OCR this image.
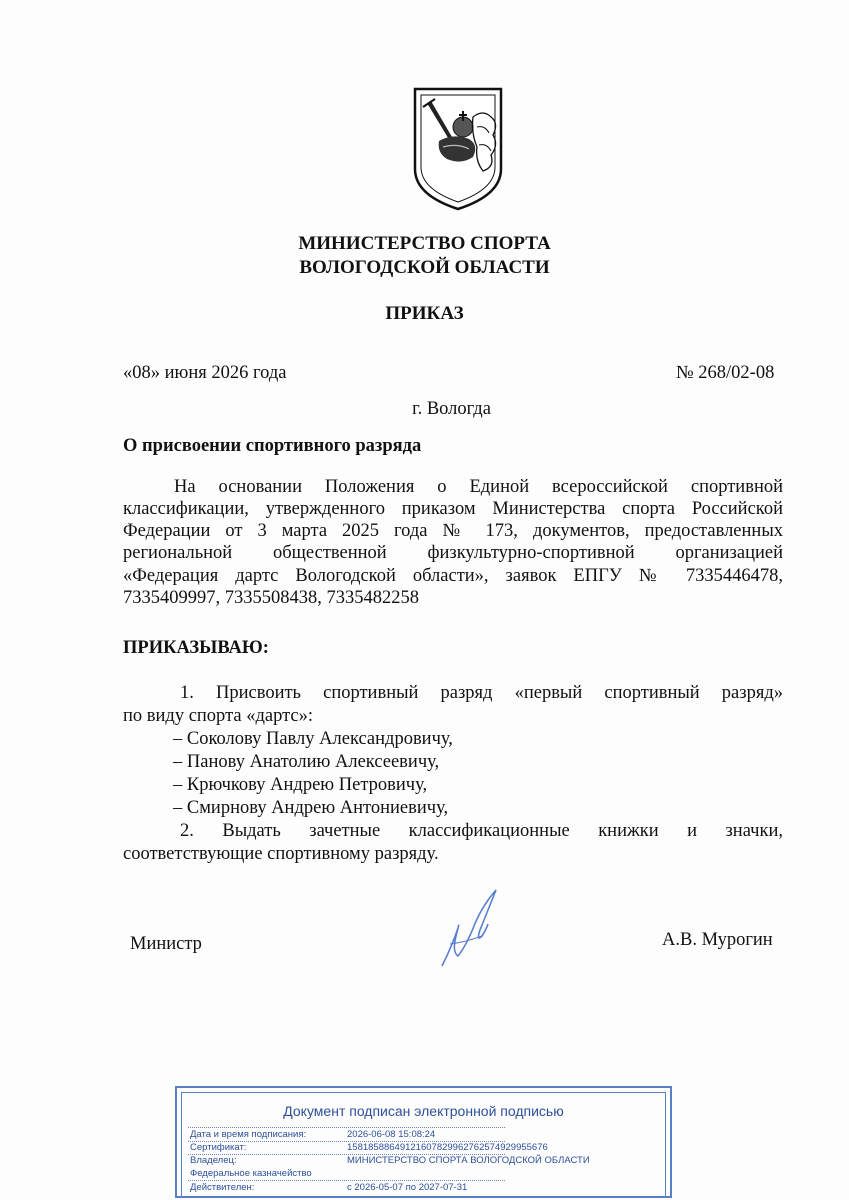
МИНИСТЕРСТВО СПОРТА
ВОЛОГОДСКОЙ ОБЛАСТИ
ПРИКАЗ
«08» июня 2026 года	№ 268/02-08
г. Вологда
О присвоении спортивного разряда
На основании Положения о Единой всероссийской спортивной
классификации, утвержденного приказом Министерства спорта Российской
Федерации от 3 марта 2025 года № 173, документов, предоставленных
региональной общественной физкультурно-спортивной организацией
«Федерация дартс Вологодской области», заявок ЕПГУ № 7335446478,
7335409997, 7335508438, 7335482258
ПРИКАЗЫВАЮ:
1. Присвоить спортивный разряд «первый спортивный разряд»
по виду спорта «дартс»:
– Соколову Павлу Александровичу,
– Панову Анатолию Алексеевичу,
– Крючкову Андрею Петровичу,
– Смирнову Андрею Антониевичу,
2. Выдать зачетные классификационные книжки и значки,
соответствующие спортивному разряду.
Министр	А.В. Мурогин
Документ подписан электронной подписью
Дата и время подписания:	2026-06-08 15:08:24
Сертификат:	158185886491216078299627625749299556​76
Владелец:	МИНИСТЕРСТВО СПОРТА ВОЛОГОДСКОЙ ОБЛАСТИ
Федеральное казначейство
Действителен:	с 2026-05-07 по 2027-07-31
